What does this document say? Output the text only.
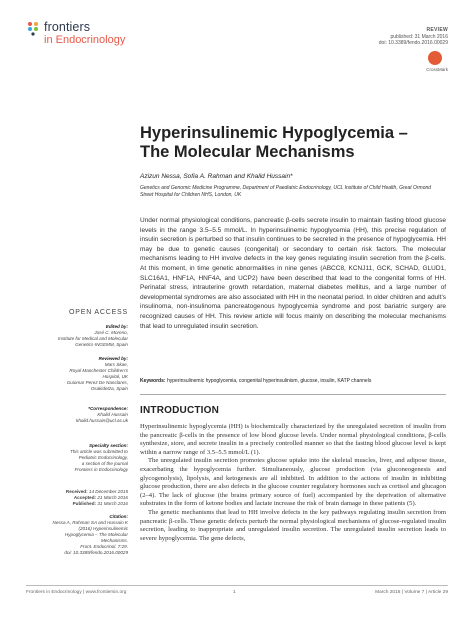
frontiers
in Endocrinology
REVIEW
published: 31 March 2016
doi: 10.3389/fendo.2016.00029
CrossMark
Hyperinsulinemic Hypoglycemia – The Molecular Mechanisms
Azizun Nessa, Sofia A. Rahman and Khalid Hussain*
Genetics and Genomic Medicine Programme, Department of Paediatric Endocrinology, UCL Institute of Child Health, Great Ormond Street Hospital for Children NHS, London, UK
Under normal physiological conditions, pancreatic β-cells secrete insulin to maintain fasting blood glucose levels in the range 3.5–5.5 mmol/L. In hyperinsulinemic hypoglycemia (HH), this precise regulation of insulin secretion is perturbed so that insulin continues to be secreted in the presence of hypoglycemia. HH may be due to genetic causes (congenital) or secondary to certain risk factors. The molecular mechanisms leading to HH involve defects in the key genes regulating insulin secretion from the β-cells. At this moment, in time genetic abnormalities in nine genes (ABCC8, KCNJ11, GCK, SCHAD, GLUD1, SLC16A1, HNF1A, HNF4A, and UCP2) have been described that lead to the congenital forms of HH. Perinatal stress, intrauterine growth retardation, maternal diabetes mellitus, and a large number of developmental syndromes are also associated with HH in the neonatal period. In older children and adult’s insulinoma, non-insulinoma pancreatogenous hypoglycemia syndrome and post bariatric surgery are recognized causes of HH. This review article will focus mainly on describing the molecular mechanisms that lead to unregulated insulin secretion.
Keywords: hyperinsulinemic hypoglycemia, congenital hyperinsulinism, glucose, insulin, KATP channels
OPEN ACCESS
Edited by:
José C. Moreno,
Institute for Medical and Molecular
Genetics-INGEMM, Spain
Reviewed by:
Mars Skae,
Royal Manchester Children’s
Hospital, UK
Guiomar Perez De Nanclares,
Osakidetza, Spain
*Correspondence:
Khalid Hussain
khalid.hussain@ucl.ac.uk
Specialty section:
This article was submitted to
Pediatric Endocrinology,
a section of the journal
Frontiers in Endocrinology
Received: 14 December 2015
Accepted: 21 March 2016
Published: 31 March 2016
Citation:
Nessa A, Rahman SA and Hussain K
(2016) Hyperinsulinemic
Hypoglycemia – The Molecular
Mechanisms.
Front. Endocrinol. 7:29.
doi: 10.3389/fendo.2016.00029
INTRODUCTION

Hyperinsulinemic hypoglycemia (HH) is biochemically characterized by the unregulated secretion of insulin from the pancreatic β-cells in the presence of low blood glucose levels. Under normal physiological conditions, β-cells synthesize, store, and secrete insulin in a precisely controlled manner so that the fasting blood glucose level is kept within a narrow range of 3.5–5.5 mmol/L (1).

The unregulated insulin secretion promotes glucose uptake into the skeletal muscles, liver, and adipose tissue, exacerbating the hypoglycemia further. Simultaneously, glucose production (via gluconeogenesis and glycogenolysis), lipolysis, and ketogenesis are all inhibited. In addition to the actions of insulin in inhibiting glucose production, there are also defects in the glucose counter regulatory hormones such as cortisol and glucagon (2–4). The lack of glucose (the brains primary source of fuel) accompanied by the deprivation of alternative substrates in the form of ketone bodies and lactate increase the risk of brain damage in these patients (5).

The genetic mechanisms that lead to HH involve defects in the key pathways regulating insulin secretion from pancreatic β-cells. These genetic defects perturb the normal physiological mechanisms of glucose-regulated insulin secretion, leading to inappropriate and unregulated insulin secretion. The unregulated insulin secretion leads to severe hypoglycemia. The gene defects,

Frontiers in Endocrinology | www.frontiersin.org	1	March 2016 | Volume 7 | Article 29
